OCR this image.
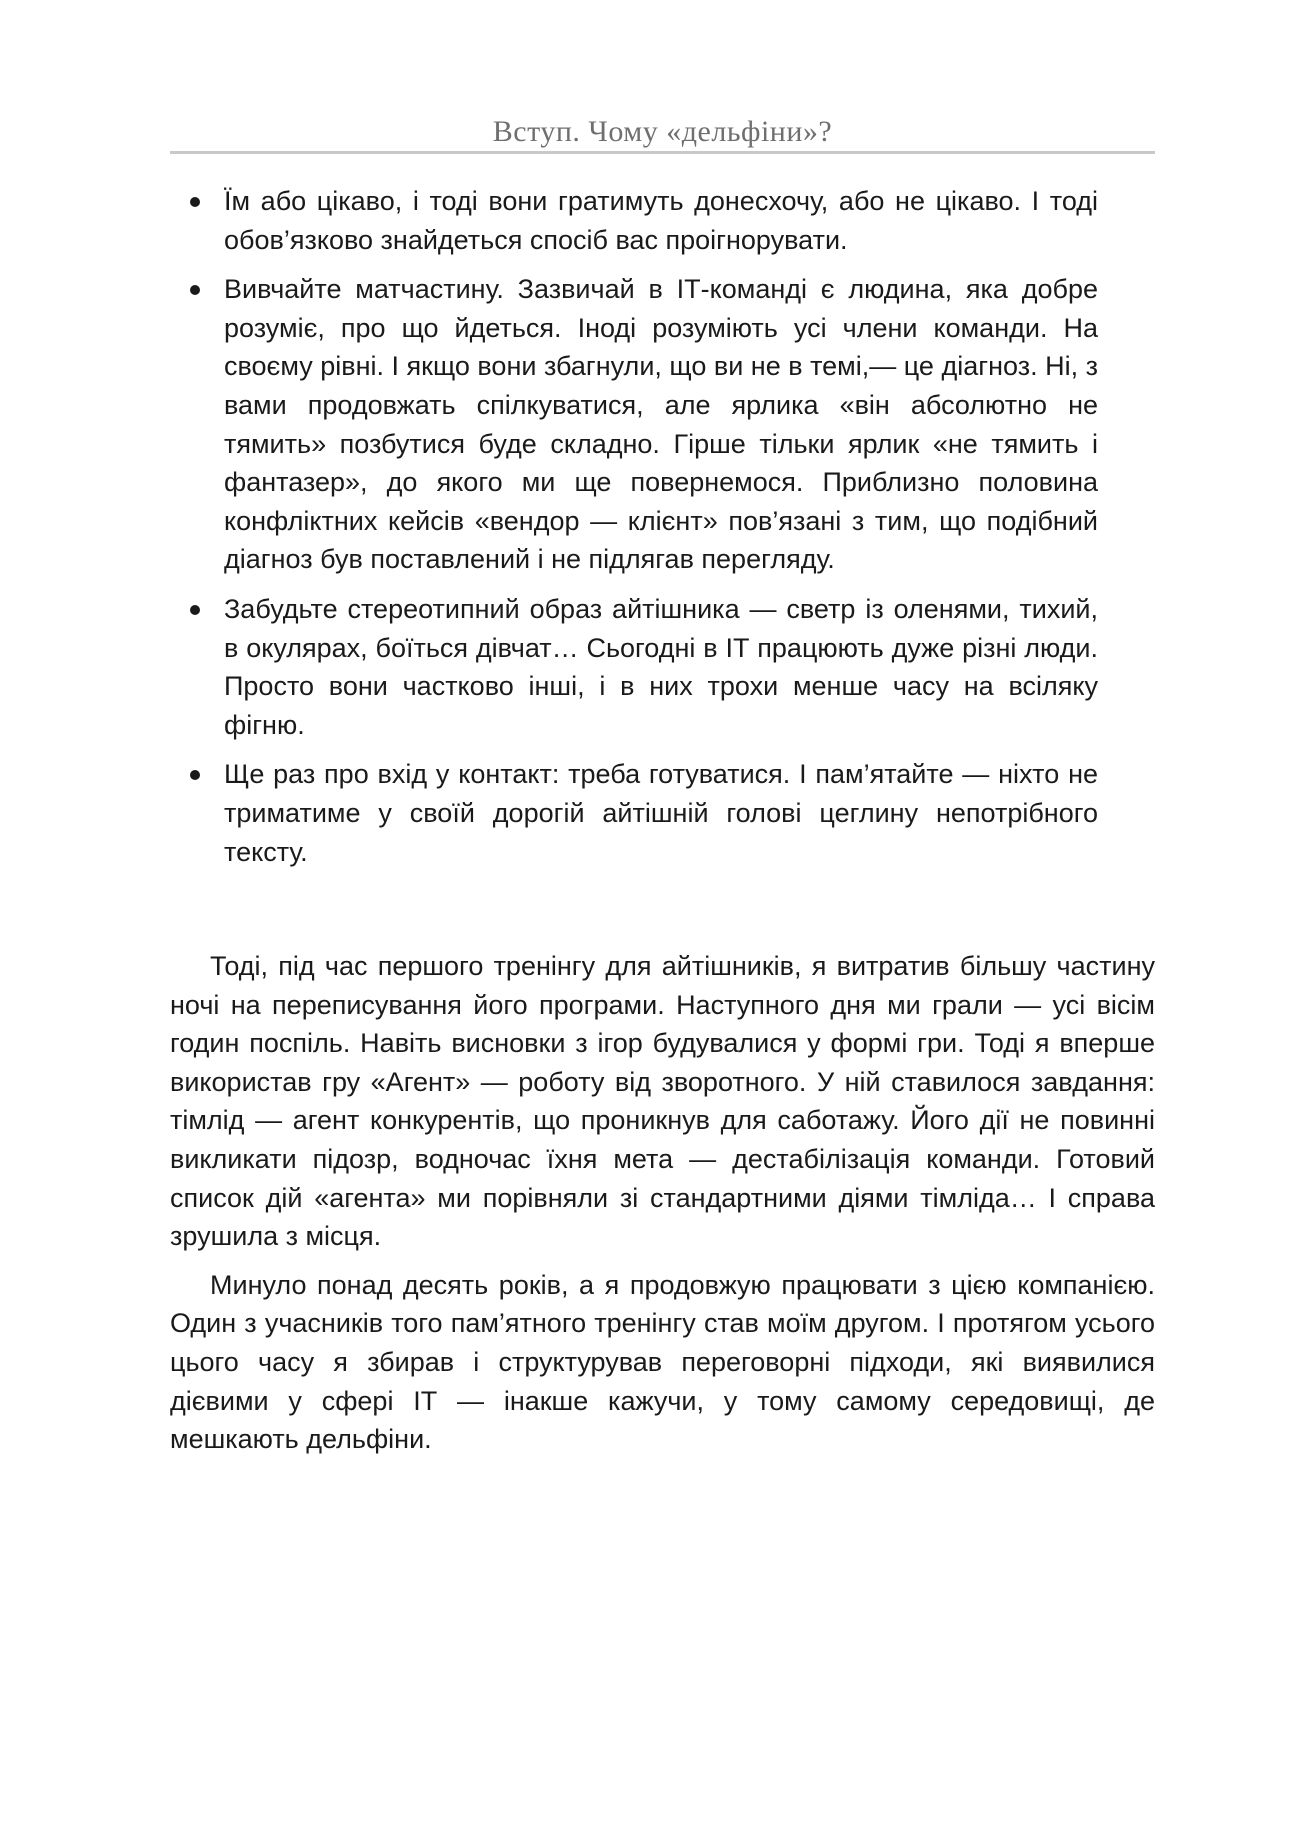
Вступ. Чому «дельфіни»?
Їм або цікаво, і тоді вони гратимуть донесхочу, або не цікаво. І тоді обов’язково знайдеться спосіб вас проігнорувати.
Вивчайте матчастину. Зазвичай в ІТ-команді є людина, яка добре розуміє, про що йдеться. Іноді розуміють усі члени команди. На своєму рівні. І якщо вони збагнули, що ви не в темі,— це діагноз. Ні, з вами продовжать спілкуватися, але ярлика «він абсолютно не тямить» позбутися буде складно. Гірше тільки ярлик «не тямить і фантазер», до якого ми ще повернемося. Приблизно половина конфліктних кейсів «вендор — клієнт» пов’язані з тим, що подібний діагноз був поставлений і не підлягав перегляду.
Забудьте стереотипний образ айтішника — светр із оленями, тихий, в окулярах, боїться дівчат… Сьогодні в ІТ працюють дуже різні люди. Просто вони частково інші, і в них трохи менше часу на всіляку фігню.
Ще раз про вхід у контакт: треба готуватися. І пам’ятайте — ніхто не триматиме у своїй дорогій айтішній голові цеглину непотрібного тексту.

Тоді, під час першого тренінгу для айтішників, я витратив більшу частину ночі на переписування його програми. Наступного дня ми грали — усі вісім годин поспіль. Навіть висновки з ігор будувалися у формі гри. Тоді я вперше використав гру «Агент» — роботу від зворотного. У ній ставилося завдання: тімлід — агент конкурентів, що проникнув для саботажу. Його дії не повинні викликати підозр, водночас їхня мета — дестабілізація команди. Готовий список дій «агента» ми порівняли зі стандартними діями тімліда… І справа зрушила з місця.

Минуло понад десять років, а я продовжую працювати з цією компанією. Один з учасників того пам’ятного тренінгу став моїм другом. І протягом усього цього часу я збирав і структурував переговорні підходи, які виявилися дієвими у сфері ІТ — інакше кажучи, у тому самому середовищі, де мешкають дельфіни.
